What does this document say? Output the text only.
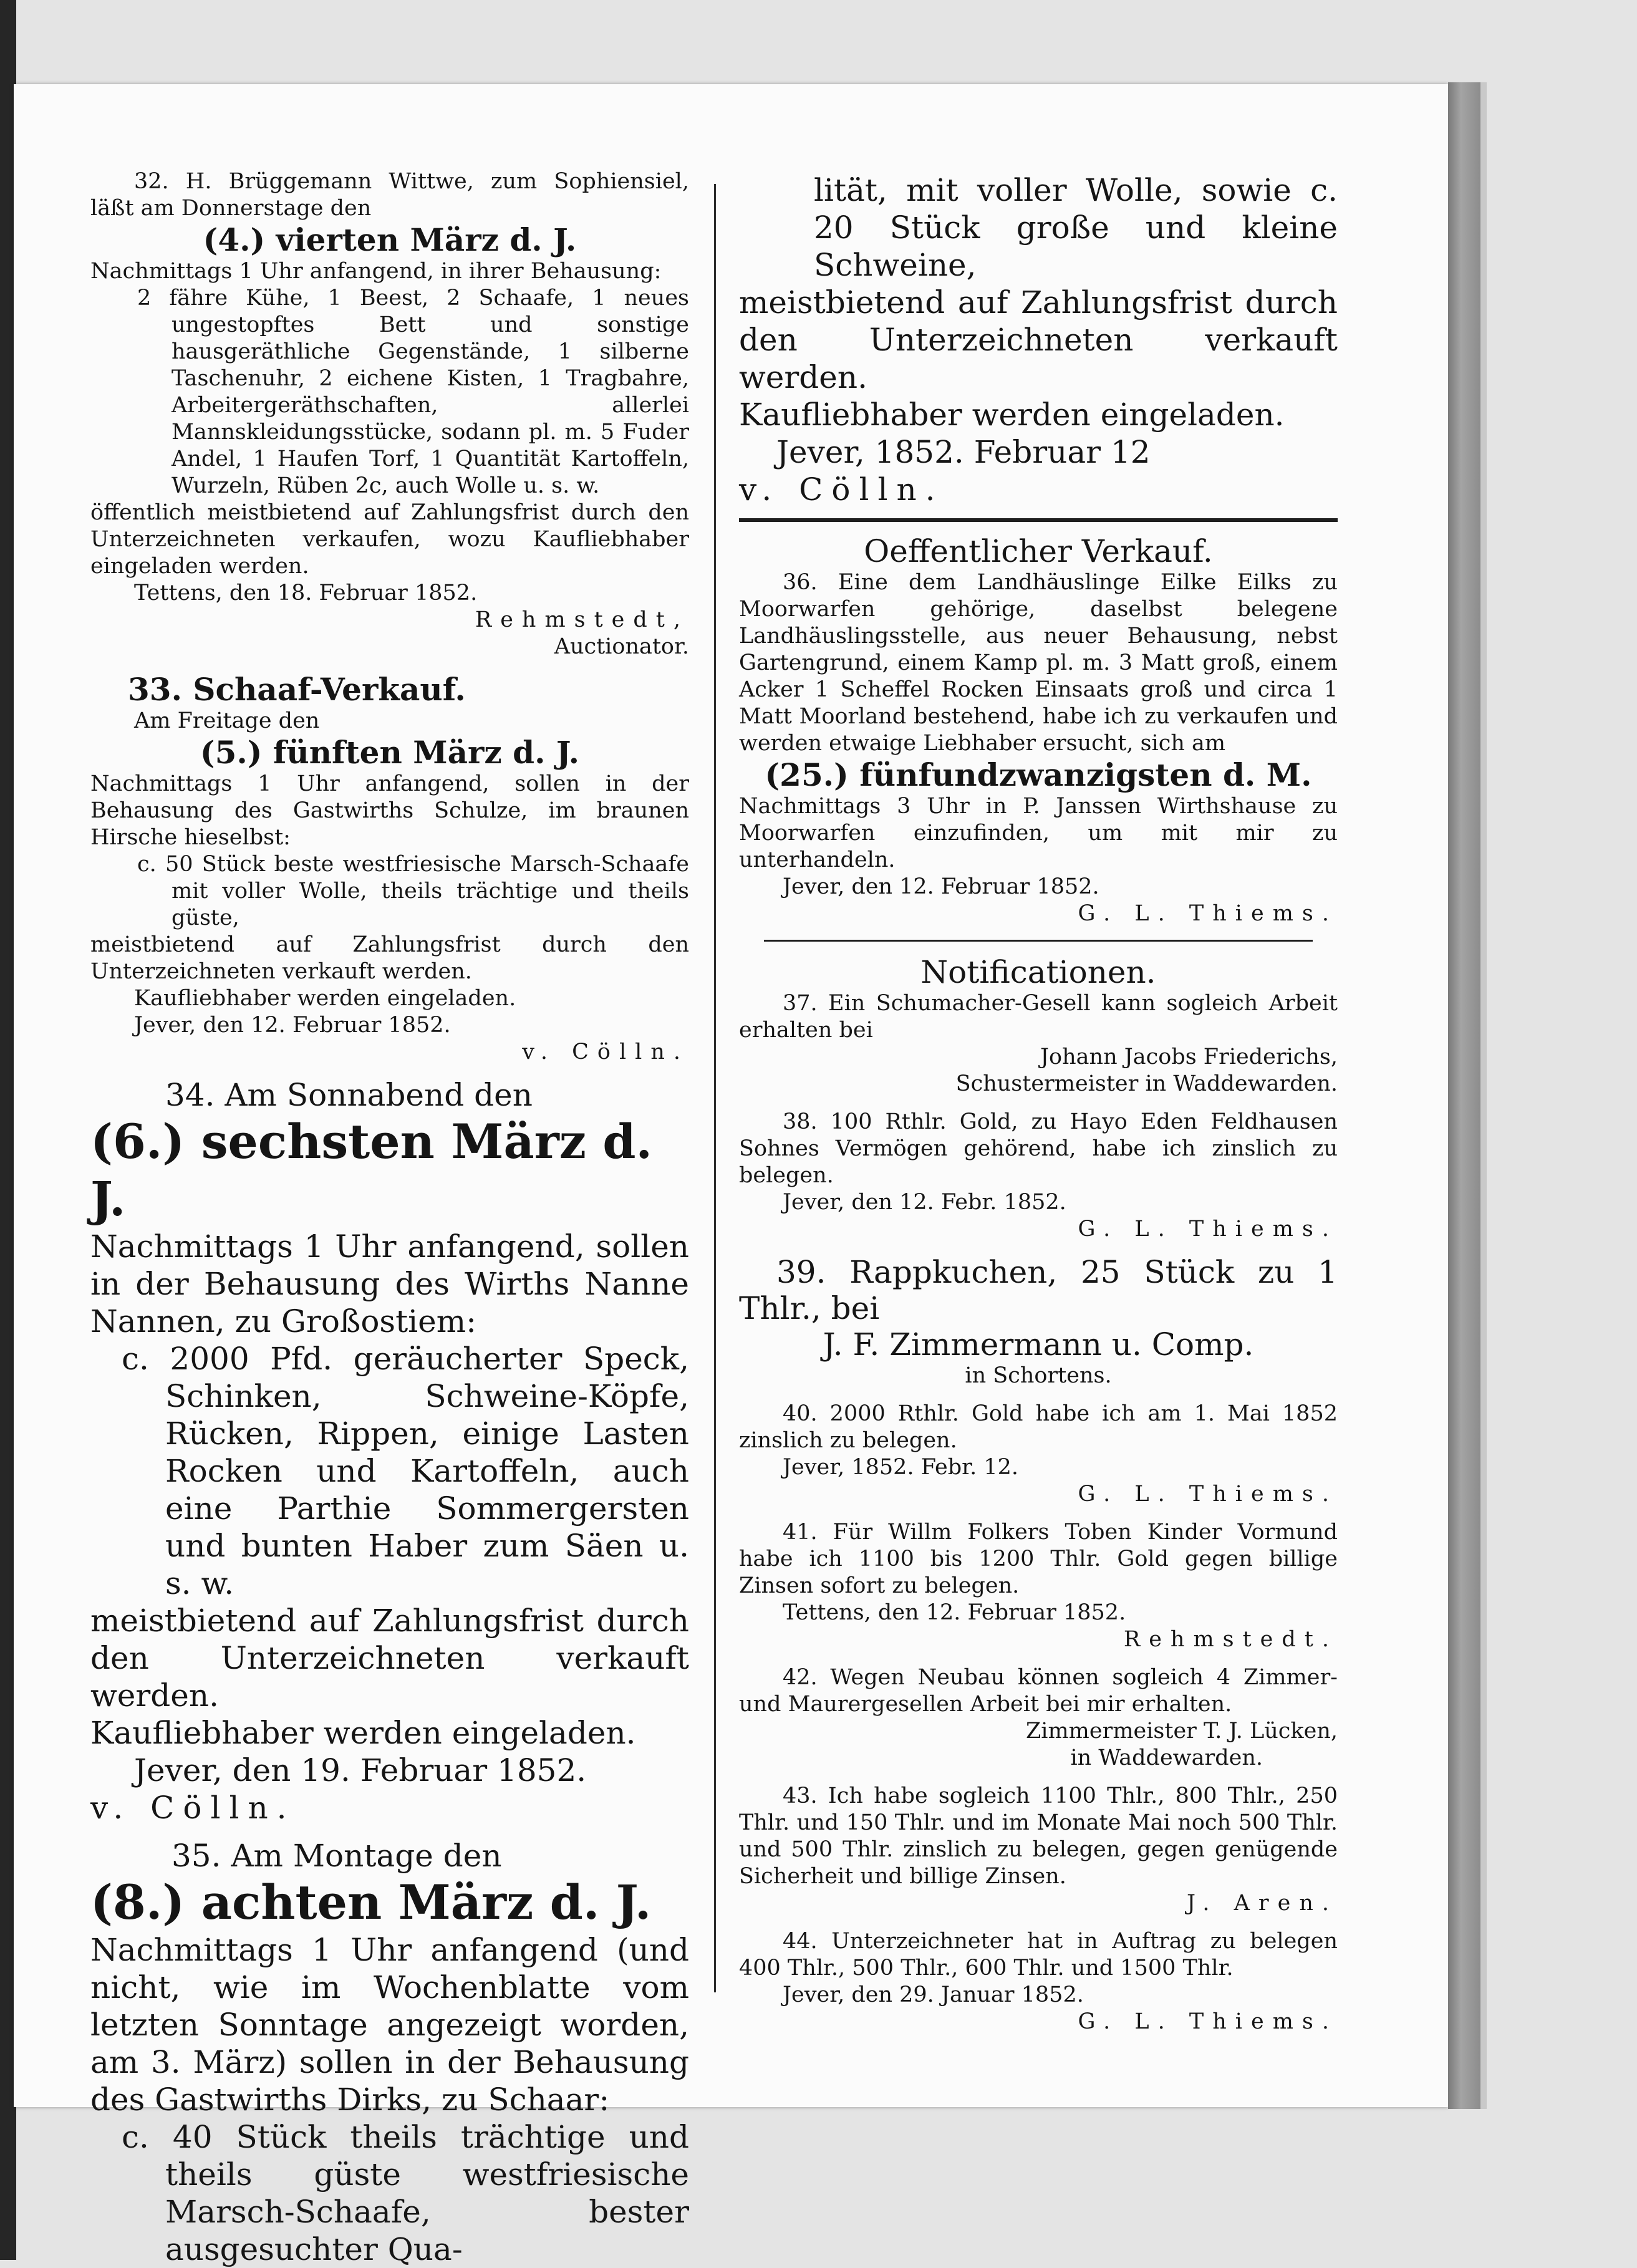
32. H. Brüggemann Wittwe, zum Sophiensiel, läßt am Donnerstage den

(4.) vierten März d. J.

Nachmittags 1 Uhr anfangend, in ihrer Behausung:

2 fähre Kühe, 1 Beest, 2 Schaafe, 1 neues ungestopftes Bett und sonstige hausgeräthliche Gegenstände, 1 silberne Taschenuhr, 2 eichene Kisten, 1 Tragbahre, Arbeitergeräthschaften, allerlei Mannskleidungsstücke, sodann pl. m. 5 Fuder Andel, 1 Haufen Torf, 1 Quantität Kartoffeln, Wurzeln, Rüben 2c, auch Wolle u. s. w.

öffentlich meistbietend auf Zahlungsfrist durch den Unterzeichneten verkaufen, wozu Kaufliebhaber eingeladen werden.

Tettens, den 18. Februar 1852.

Rehmstedt,

Auctionator.

33. Schaaf-Verkauf.

Am Freitage den

(5.) fünften März d. J.

Nachmittags 1 Uhr anfangend, sollen in der Behausung des Gastwirths Schulze, im braunen Hirsche hieselbst:

c. 50 Stück beste westfriesische Marsch-Schaafe mit voller Wolle, theils trächtige und theils güste,

meistbietend auf Zahlungsfrist durch den Unterzeichneten verkauft werden.

Kaufliebhaber werden eingeladen.

Jever, den 12. Februar 1852.

v. Cölln.

34. Am Sonnabend den

(6.) sechsten März d. J.

Nachmittags 1 Uhr anfangend, sollen in der Behausung des Wirths Nanne Nannen, zu Großostiem:

c. 2000 Pfd. geräucherter Speck, Schinken, Schweine-Köpfe, Rücken, Rippen, einige Lasten Rocken und Kartoffeln, auch eine Parthie Sommergersten und bunten Haber zum Säen u. s. w.

meistbietend auf Zahlungsfrist durch den Unterzeichneten verkauft werden.

Kaufliebhaber werden eingeladen.

Jever, den 19. Februar 1852.

v. Cölln.

35. Am Montage den

(8.) achten März d. J.

Nachmittags 1 Uhr anfangend (und nicht, wie im Wochenblatte vom letzten Sonntage angezeigt worden, am 3. März) sollen in der Behausung des Gastwirths Dirks, zu Schaar:

c. 40 Stück theils trächtige und theils güste westfriesische Marsch-Schaafe, bester ausgesuchter Qua-

lität, mit voller Wolle, sowie c. 20 Stück große und kleine Schweine,

meistbietend auf Zahlungsfrist durch den Unterzeichneten verkauft werden.

Kaufliebhaber werden eingeladen.

Jever, 1852. Februar 12

v. Cölln.

Oeffentlicher Verkauf.

36. Eine dem Landhäuslinge Eilke Eilks zu Moorwarfen gehörige, daselbst belegene Landhäuslingsstelle, aus neuer Behausung, nebst Gartengrund, einem Kamp pl. m. 3 Matt groß, einem Acker 1 Scheffel Rocken Einsaats groß und circa 1 Matt Moorland bestehend, habe ich zu verkaufen und werden etwaige Liebhaber ersucht, sich am

(25.) fünfundzwanzigsten d. M.

Nachmittags 3 Uhr in P. Janssen Wirthshause zu Moorwarfen einzufinden, um mit mir zu unterhandeln.

Jever, den 12. Februar 1852.

G. L. Thiems.

Notificationen.

37. Ein Schumacher-Gesell kann sogleich Arbeit erhalten bei

Johann Jacobs Friederichs,

Schustermeister in Waddewarden.

38. 100 Rthlr. Gold, zu Hayo Eden Feldhausen Sohnes Vermögen gehörend, habe ich zinslich zu belegen.

Jever, den 12. Febr. 1852.

G. L. Thiems.

39. Rappkuchen, 25 Stück zu 1 Thlr., bei

J. F. Zimmermann u. Comp.

in Schortens.

40. 2000 Rthlr. Gold habe ich am 1. Mai 1852 zinslich zu belegen.

Jever, 1852. Febr. 12.

G. L. Thiems.

41. Für Willm Folkers Toben Kinder Vormund habe ich 1100 bis 1200 Thlr. Gold gegen billige Zinsen sofort zu belegen.

Tettens, den 12. Februar 1852.

Rehmstedt.

42. Wegen Neubau können sogleich 4 Zimmer- und Maurergesellen Arbeit bei mir erhalten.

Zimmermeister T. J. Lücken,

in Waddewarden.

43. Ich habe sogleich 1100 Thlr., 800 Thlr., 250 Thlr. und 150 Thlr. und im Monate Mai noch 500 Thlr. und 500 Thlr. zinslich zu belegen, gegen genügende Sicherheit und billige Zinsen.

J. Aren.

44. Unterzeichneter hat in Auftrag zu belegen 400 Thlr., 500 Thlr., 600 Thlr. und 1500 Thlr.

Jever, den 29. Januar 1852.

G. L. Thiems.
